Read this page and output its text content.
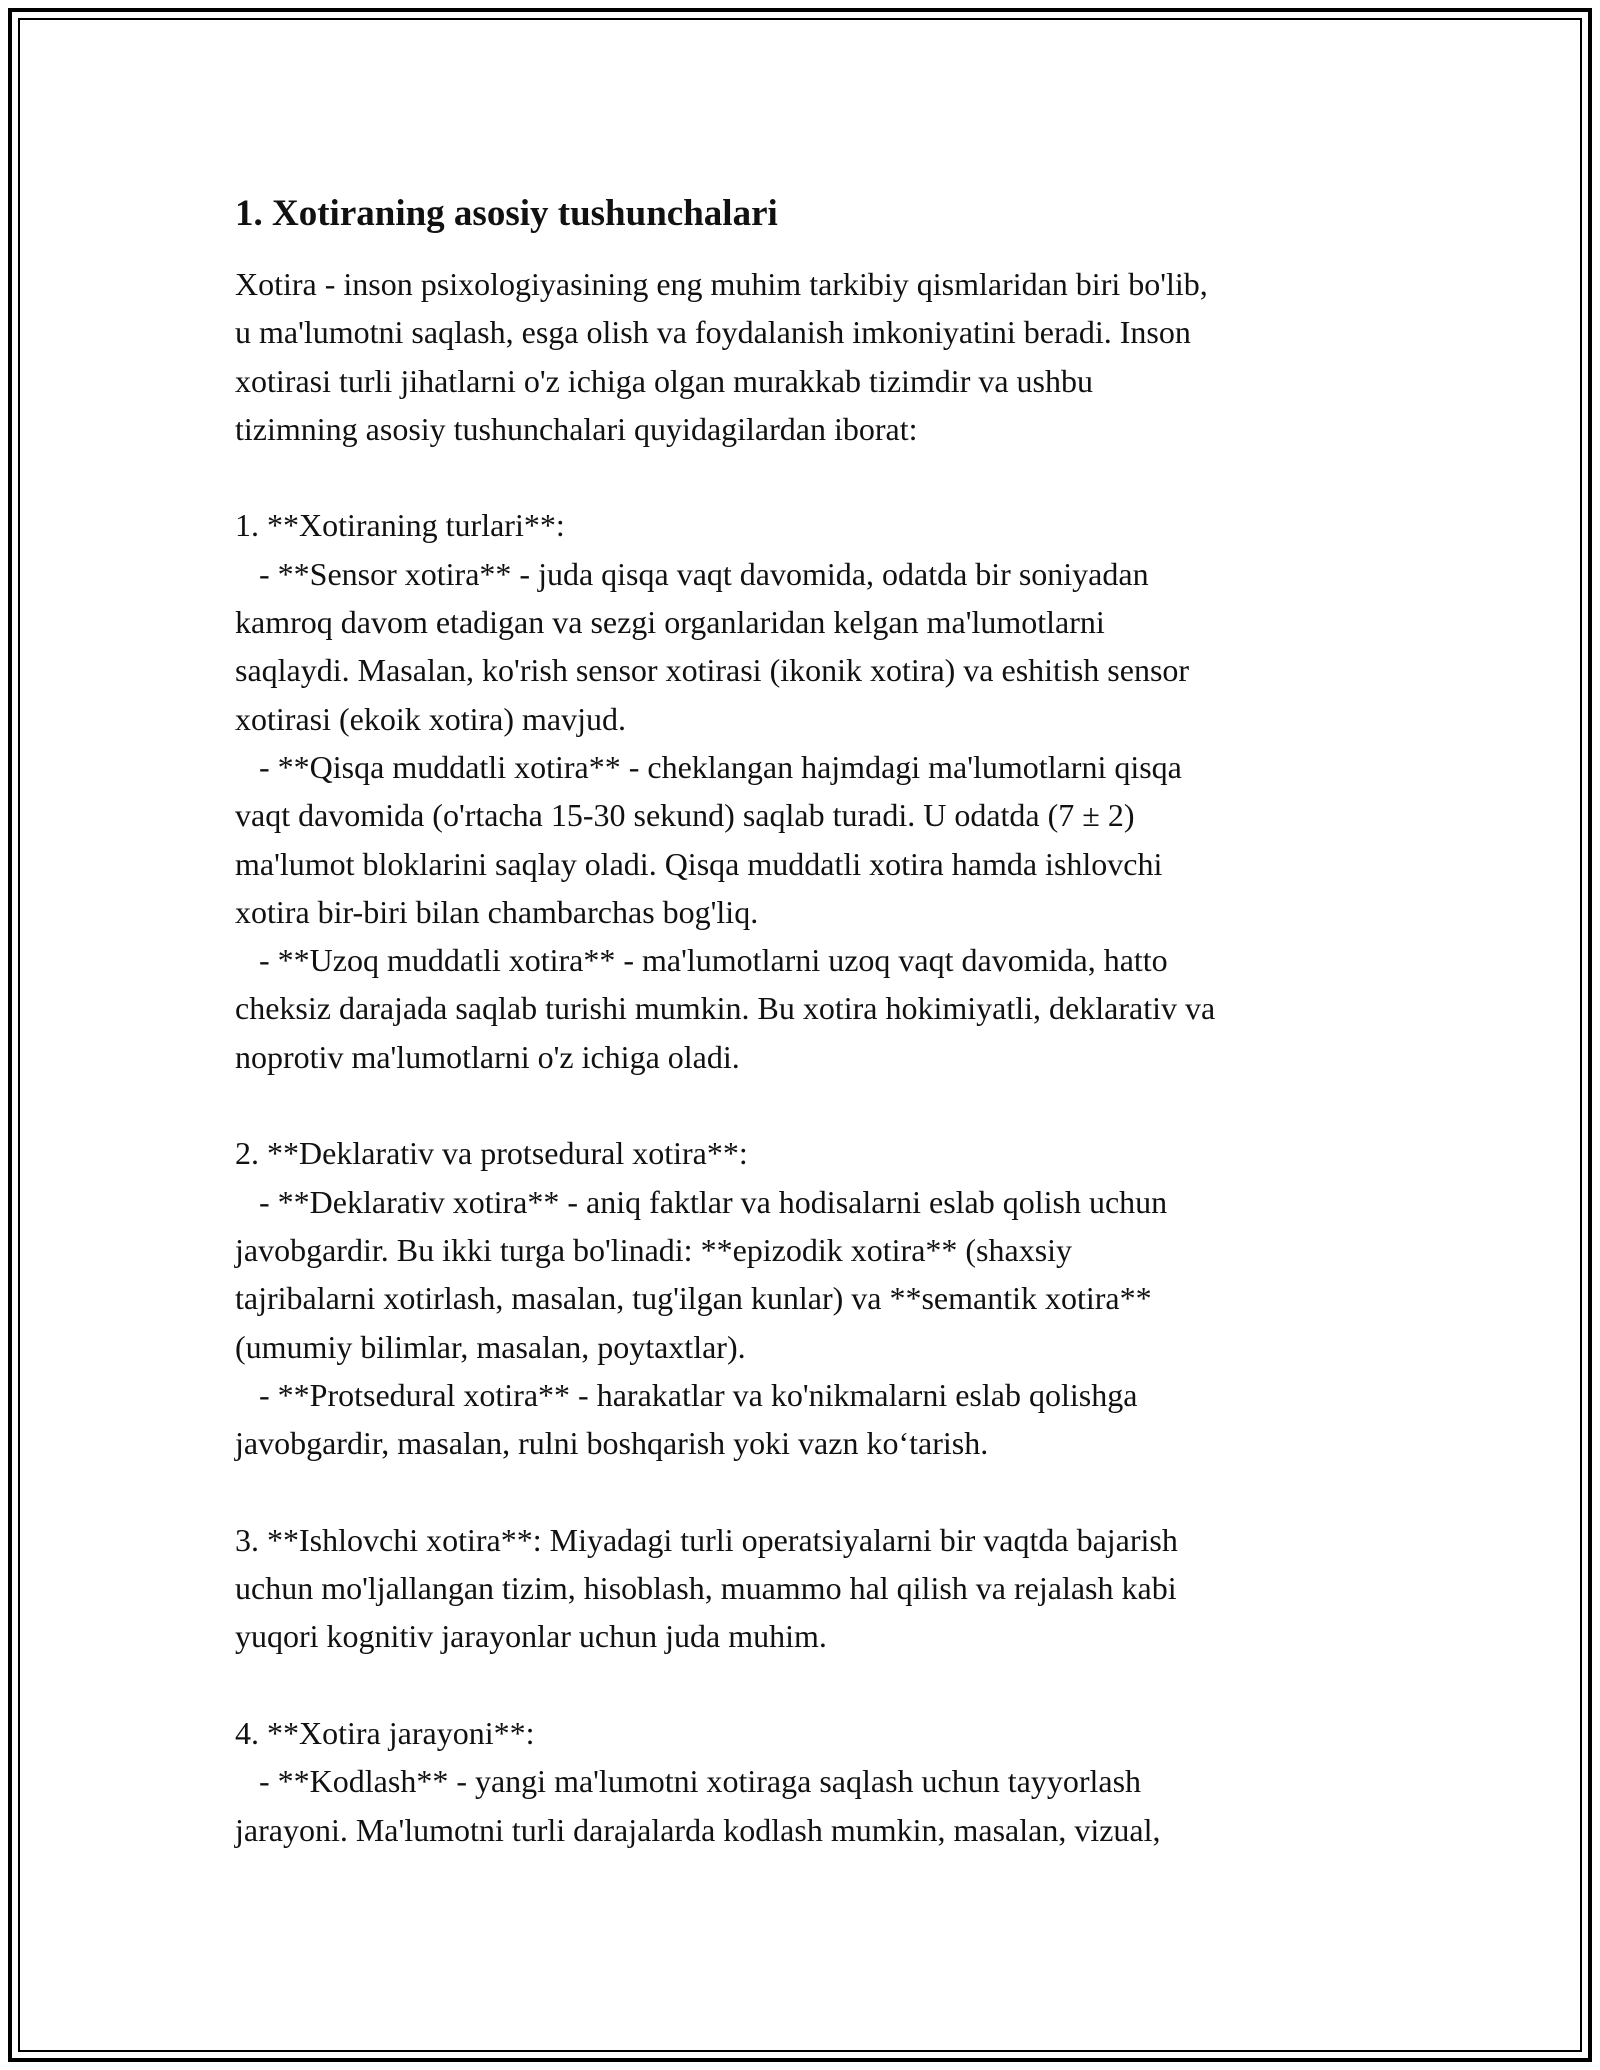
1. Xotiraning asosiy tushunchalari
Xotira - inson psixologiyasining eng muhim tarkibiy qismlaridan biri bo'lib,
u ma'lumotni saqlash, esga olish va foydalanish imkoniyatini beradi. Inson
xotirasi turli jihatlarni o'z ichiga olgan murakkab tizimdir va ushbu
tizimning asosiy tushunchalari quyidagilardan iborat:

1. **Xotiraning turlari**:
- **Sensor xotira** - juda qisqa vaqt davomida, odatda bir soniyadan
kamroq davom etadigan va sezgi organlaridan kelgan ma'lumotlarni
saqlaydi. Masalan, ko'rish sensor xotirasi (ikonik xotira) va eshitish sensor
xotirasi (ekoik xotira) mavjud.
- **Qisqa muddatli xotira** - cheklangan hajmdagi ma'lumotlarni qisqa
vaqt davomida (o'rtacha 15-30 sekund) saqlab turadi. U odatda (7 ± 2)
ma'lumot bloklarini saqlay oladi. Qisqa muddatli xotira hamda ishlovchi
xotira bir-biri bilan chambarchas bog'liq.
- **Uzoq muddatli xotira** - ma'lumotlarni uzoq vaqt davomida, hatto
cheksiz darajada saqlab turishi mumkin. Bu xotira hokimiyatli, deklarativ va
noprotiv ma'lumotlarni o'z ichiga oladi.

2. **Deklarativ va protsedural xotira**:
- **Deklarativ xotira** - aniq faktlar va hodisalarni eslab qolish uchun
javobgardir. Bu ikki turga bo'linadi: **epizodik xotira** (shaxsiy
tajribalarni xotirlash, masalan, tug'ilgan kunlar) va **semantik xotira**
(umumiy bilimlar, masalan, poytaxtlar).
- **Protsedural xotira** - harakatlar va ko'nikmalarni eslab qolishga
javobgardir, masalan, rulni boshqarish yoki vazn ko‘tarish.

3. **Ishlovchi xotira**: Miyadagi turli operatsiyalarni bir vaqtda bajarish
uchun mo'ljallangan tizim, hisoblash, muammo hal qilish va rejalash kabi
yuqori kognitiv jarayonlar uchun juda muhim.

4. **Xotira jarayoni**:
- **Kodlash** - yangi ma'lumotni xotiraga saqlash uchun tayyorlash
jarayoni. Ma'lumotni turli darajalarda kodlash mumkin, masalan, vizual,
